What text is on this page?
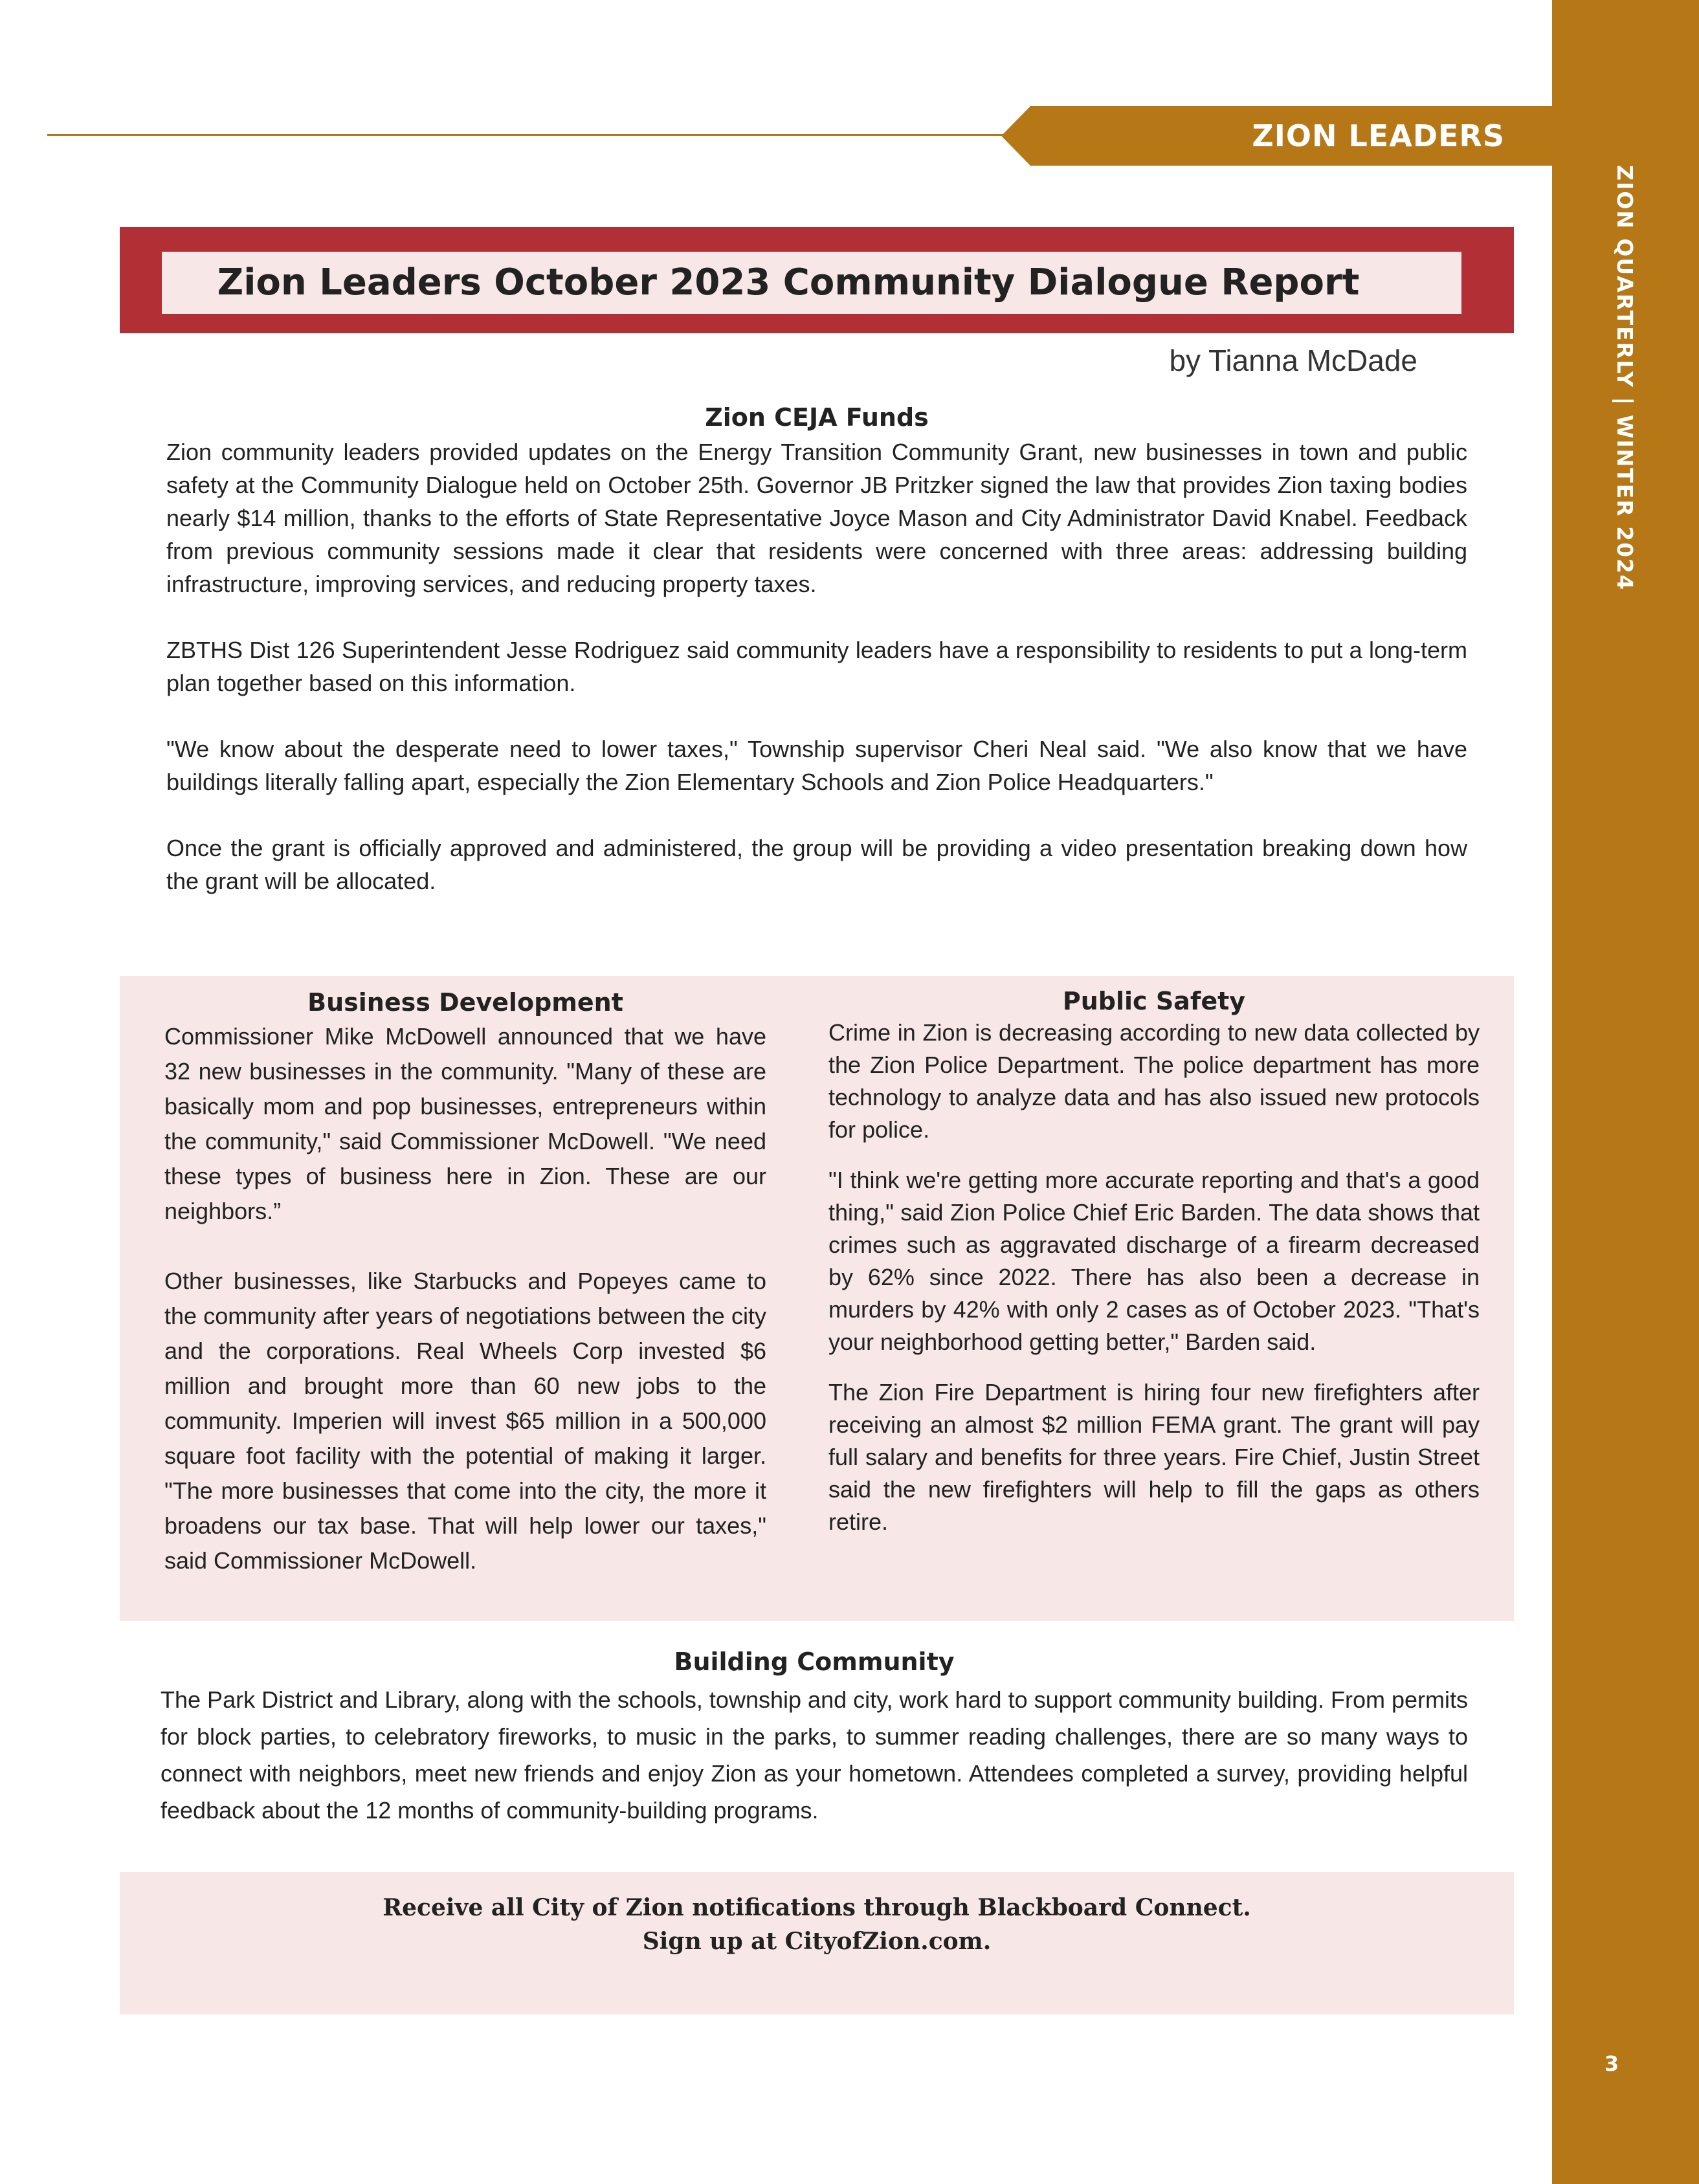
ZION QUARTERLY | WINTER 2024
3
ZION LEADERS
Zion Leaders October 2023 Community Dialogue Report
by Tianna McDade
Zion CEJA Funds

Zion community leaders provided updates on the Energy Transition Community Grant, new businesses in town and public safety at the Community Dialogue held on October 25th. Governor JB Pritzker signed the law that provides Zion taxing bodies nearly $14 million, thanks to the efforts of State Representative Joyce Mason and City Administrator David Knabel. Feedback from previous community sessions made it clear that residents were concerned with three areas: addressing building infrastructure, improving services, and reducing property taxes.

ZBTHS Dist 126 Superintendent Jesse Rodriguez said community leaders have a responsibility to residents to put a long-term plan together based on this information.

"We know about the desperate need to lower taxes," Township supervisor Cheri Neal said. "We also know that we have buildings literally falling apart, especially the Zion Elementary Schools and Zion Police Headquarters."

Once the grant is officially approved and administered, the group will be providing a video presentation breaking down how the grant will be allocated.

Business Development

Commissioner Mike McDowell announced that we have 32 new businesses in the community. "Many of these are basically mom and pop businesses, entrepreneurs within the community," said Commissioner McDowell. "We need these types of business here in Zion. These are our neighbors.”

Other businesses, like Starbucks and Popeyes came to the community after years of negotiations between the city and the corporations. Real Wheels Corp invested $6 million and brought more than 60 new jobs to the community. Imperien will invest $65 million in a 500,000 square foot facility with the potential of making it larger. "The more businesses that come into the city, the more it broadens our tax base. That will help lower our taxes," said Commissioner McDowell.

Public Safety

Crime in Zion is decreasing according to new data collected by the Zion Police Department. The police department has more technology to analyze data and has also issued new protocols for police.

"I think we're getting more accurate reporting and that's a good thing," said Zion Police Chief Eric Barden. The data shows that crimes such as aggravated discharge of a firearm decreased by 62% since 2022. There has also been a decrease in murders by 42% with only 2 cases as of October 2023. "That's your neighborhood getting better," Barden said.

The Zion Fire Department is hiring four new firefighters after receiving an almost $2 million FEMA grant. The grant will pay full salary and benefits for three years. Fire Chief, Justin Street said the new firefighters will help to fill the gaps as others retire.

Building Community

The Park District and Library, along with the schools, township and city, work hard to support community building. From permits for block parties, to celebratory fireworks, to music in the parks, to summer reading challenges, there are so many ways to connect with neighbors, meet new friends and enjoy Zion as your hometown. Attendees completed a survey, providing helpful feedback about the 12 months of community-building programs.

Receive all City of Zion notifications through Blackboard Connect.
Sign up at CityofZion.com.
